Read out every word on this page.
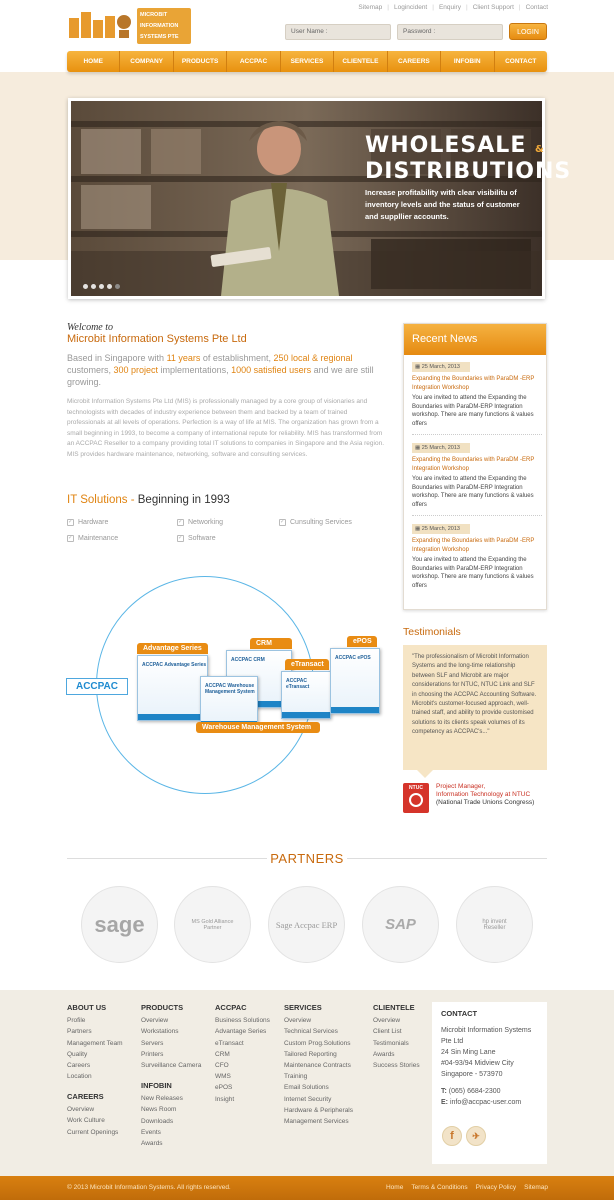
MICROBIT
INFORMATION
SYSTEMS PTE LTD
Sitemap | Logincident | Enquiry | Client Support | Contact
User Name :	Password :	LOGIN
HOME	COMPANY	PRODUCTS	ACCPAC	SERVICES	CLIENTELE	CAREERS	INFOBIN	CONTACT
WHOLESALE &
DISTRIBUTIONS
Increase profitability with clear visibilitu of inventory levels and the status of customer and suppllier accounts.
Welcome to
Microbit Information Systems Pte Ltd
Based in Singapore with 11 years of establishment, 250 local & regional customers, 300 project implementations, 1000 satisfied users and we are still growing.
Microbit Information Systems Pte Ltd (MIS) is professionally managed by a core group of visionaries and technologists with decades of industry experience between them and backed by a team of trained professionals at all levels of operations. Perfection is a way of life at MIS. The organization has grown from a small beginning in 1993, to become a company of international repute for reliability. MIS has transformed from an ACCPAC Reseller to a company providing total IT solutions to companies in Singapore and the Asia region. MIS provides hardware maintenance, networking, software and consulting services.
IT Solutions - Beginning in 1993
✓ Hardware	✓ Networking	✓ Cunsulting Services
✓ Maintenance	✓ Software
ACCPAC
Advantage Series
ACCPAC Advantage Series
CRM
ACCPAC CRM
ACCPAC Warehouse Management System
eTransact
ACCPAC eTransact
ePOS
ACCPAC ePOS
Warehouse Management System
Recent News
▦ 25 March, 2013
Expanding the Boundaries with ParaDM -ERP Integration Workshop
You are invited to attend the Expanding the Boundaries with ParaDM-ERP Integration workshop. There are many functions & values offers
▦ 25 March, 2013
Expanding the Boundaries with ParaDM -ERP Integration Workshop
You are invited to attend the Expanding the Boundaries with ParaDM-ERP Integration workshop. There are many functions & values offers
▦ 25 March, 2013
Expanding the Boundaries with ParaDM -ERP Integration Workshop
You are invited to attend the Expanding the Boundaries with ParaDM-ERP Integration workshop. There are many functions & values offers
Testimonials
"The professionalism of Microbit Information Systems and the long-time relationship between SLF and Microbit are major considerations for NTUC, NTUC Link and SLF in choosing the ACCPAC Accounting Software. Microbit's customer-focused approach, well-trained staff, and ability to provide customised solutions to its clients speak volumes of its competency as ACCPAC's..."
NTUC	Project Manager,
Information Technology at NTUC
(National Trade Unions Congress)
PARTNERS
sage	MS Gold Alliance Partner	Sage Accpac ERP	SAP	hp invent Reseller
ABOUT US
Profile
Partners
Management Team
Quality
Careers
Location
CAREERS
Overview
Work Culture
Current Openings
PRODUCTS
Overview
Workstations
Servers
Printers
Surveillance Camera
INFOBIN
New Releases
News Room
Downloads
Events
Awards
ACCPAC
Business Solutions
Advantage Series
eTransact
CRM
CFO
WMS
ePOS
Insight
SERVICES
Overview
Technical Services
Custom Prog.Solutions
Tailored Reporting
Maintenance Contracts
Training
Email Solutions
Internet Security
Hardware & Peripherals
Management Services
CLIENTELE
Overview
Client List
Testimonials
Awards
Success Stories
CONTACT
Microbit Information Systems Pte Ltd
24 Sin Ming Lane
#04-93/94 Midview City
Singapore - 573970
T: (065) 6684-2300
E: info@accpac-user.com
f	✈
© 2013 Microbit Information Systems. All rights reserved.	Home Terms & Conditions Privacy Policy Sitemap
